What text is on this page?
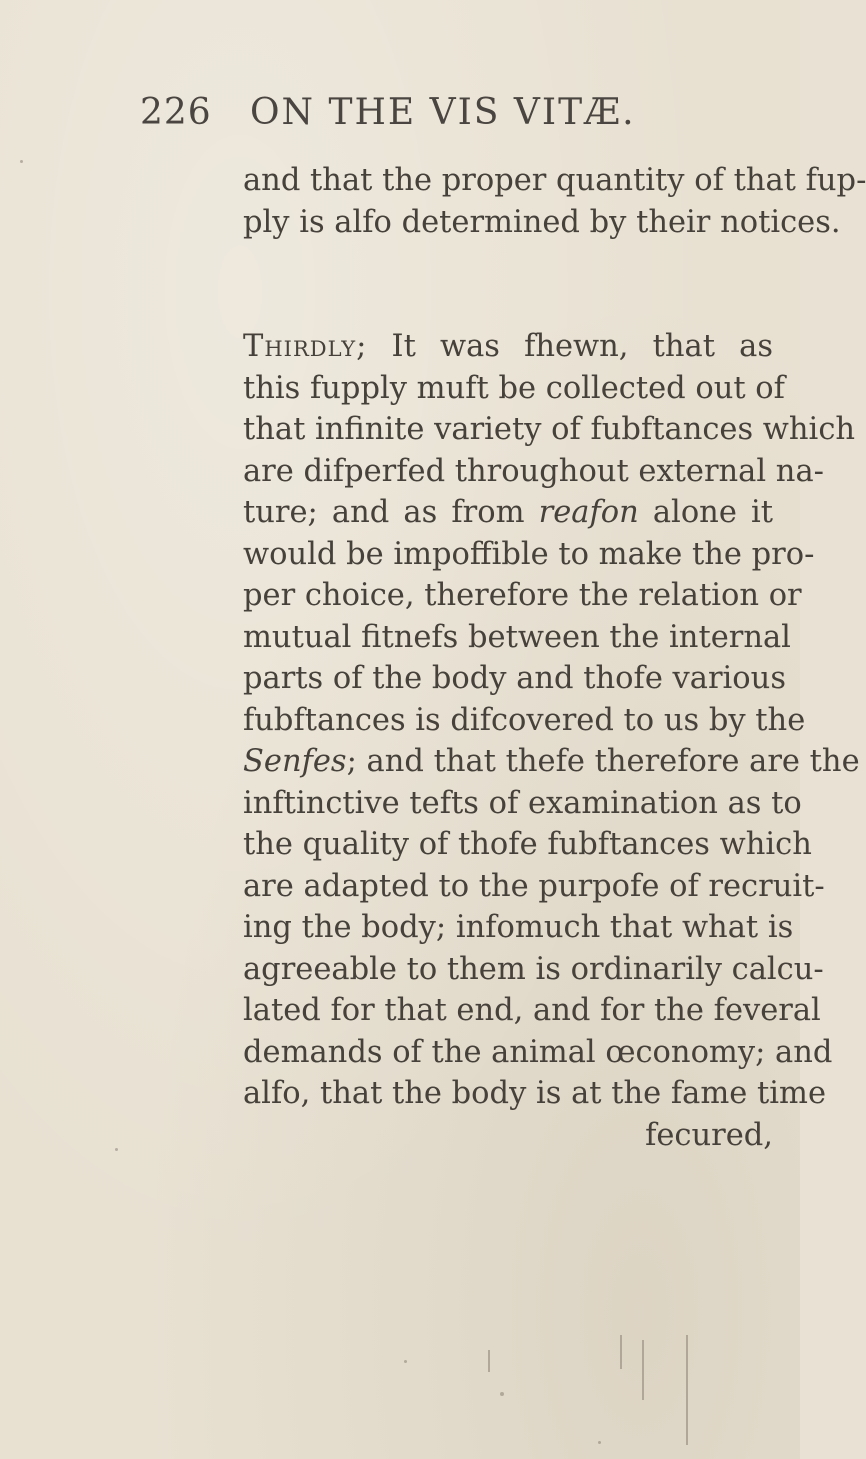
226 ON THE VIS VITÆ.
and that the proper quantity of that fup-
ply is alfo determined by their notices.
Thirdly; It was fhewn, that as
this fupply muft be collected out of
that infinite variety of fubftances which
are difperfed throughout external na-
ture; and as from reafon alone it
would be impoffible to make the pro-
per choice, therefore the relation or
mutual fitnefs between the internal
parts of the body and thofe various
fubftances is difcovered to us by the
Senfes; and that thefe therefore are the
inftinctive tefts of examination as to
the quality of thofe fubftances which
are adapted to the purpofe of recruit-
ing the body; infomuch that what is
agreeable to them is ordinarily calcu-
lated for that end, and for the feveral
demands of the animal œconomy; and
alfo, that the body is at the fame time
fecured,
